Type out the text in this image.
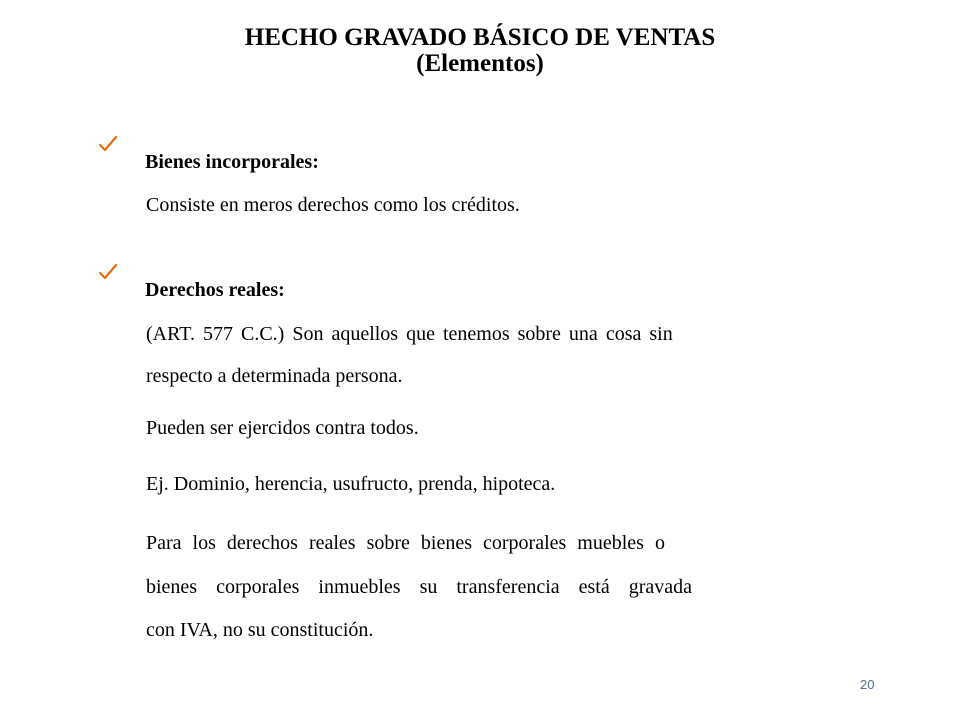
HECHO GRAVADO BÁSICO DE VENTAS
(Elementos)
Bienes incorporales:
Consiste en meros derechos como los créditos.
Derechos reales:
(ART. 577 C.C.) Son aquellos que tenemos sobre una cosa sin
respecto a determinada persona.
Pueden ser ejercidos contra todos.
Ej. Dominio, herencia, usufructo, prenda, hipoteca.
Para los derechos reales sobre bienes corporales muebles o
bienes corporales inmuebles su transferencia está gravada
con IVA, no su constitución.
20
